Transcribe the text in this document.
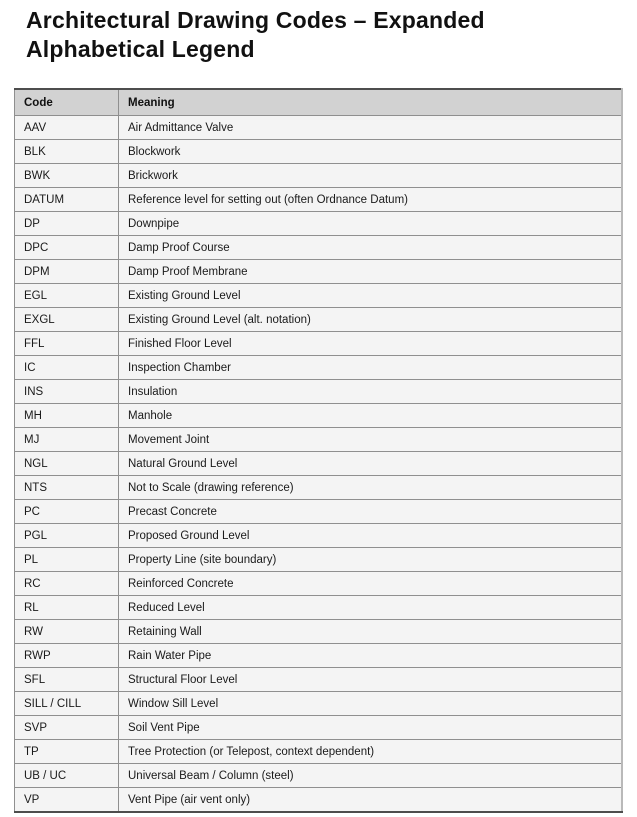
Architectural Drawing Codes – Expanded Alphabetical Legend
Code	Meaning
AAV	Air Admittance Valve
BLK	Blockwork
BWK	Brickwork
DATUM	Reference level for setting out (often Ordnance Datum)
DP	Downpipe
DPC	Damp Proof Course
DPM	Damp Proof Membrane
EGL	Existing Ground Level
EXGL	Existing Ground Level (alt. notation)
FFL	Finished Floor Level
IC	Inspection Chamber
INS	Insulation
MH	Manhole
MJ	Movement Joint
NGL	Natural Ground Level
NTS	Not to Scale (drawing reference)
PC	Precast Concrete
PGL	Proposed Ground Level
PL	Property Line (site boundary)
RC	Reinforced Concrete
RL	Reduced Level
RW	Retaining Wall
RWP	Rain Water Pipe
SFL	Structural Floor Level
SILL / CILL	Window Sill Level
SVP	Soil Vent Pipe
TP	Tree Protection (or Telepost, context dependent)
UB / UC	Universal Beam / Column (steel)
VP	Vent Pipe (air vent only)
